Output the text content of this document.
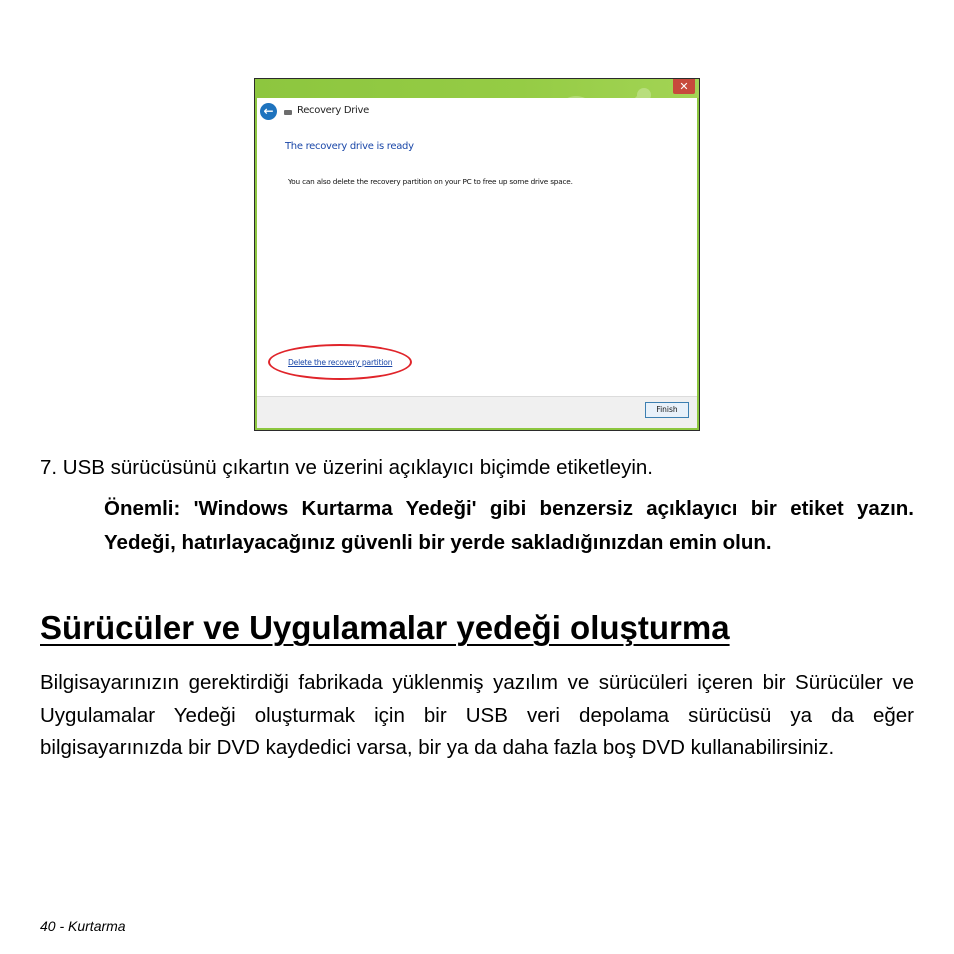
✕
←	Recovery Drive
The recovery drive is ready
You can also delete the recovery partition on your PC to free up some drive space.
Delete the recovery partition
Finish
7. USB sürücüsünü çıkartın ve üzerini açıklayıcı biçimde etiketleyin.
Önemli: 'Windows Kurtarma Yedeği' gibi benzersiz açıklayıcı bir etiket yazın. Yedeği, hatırlayacağınız güvenli bir yerde sakladığınızdan emin olun.
Sürücüler ve Uygulamalar yedeği oluşturma
Bilgisayarınızın gerektirdiği fabrikada yüklenmiş yazılım ve sürücüleri içeren bir Sürücüler ve Uygulamalar Yedeği oluşturmak için bir USB veri depolama sürücüsü ya da eğer bilgisayarınızda bir DVD kaydedici varsa, bir ya da daha fazla boş DVD kullanabilirsiniz.
40 - Kurtarma
